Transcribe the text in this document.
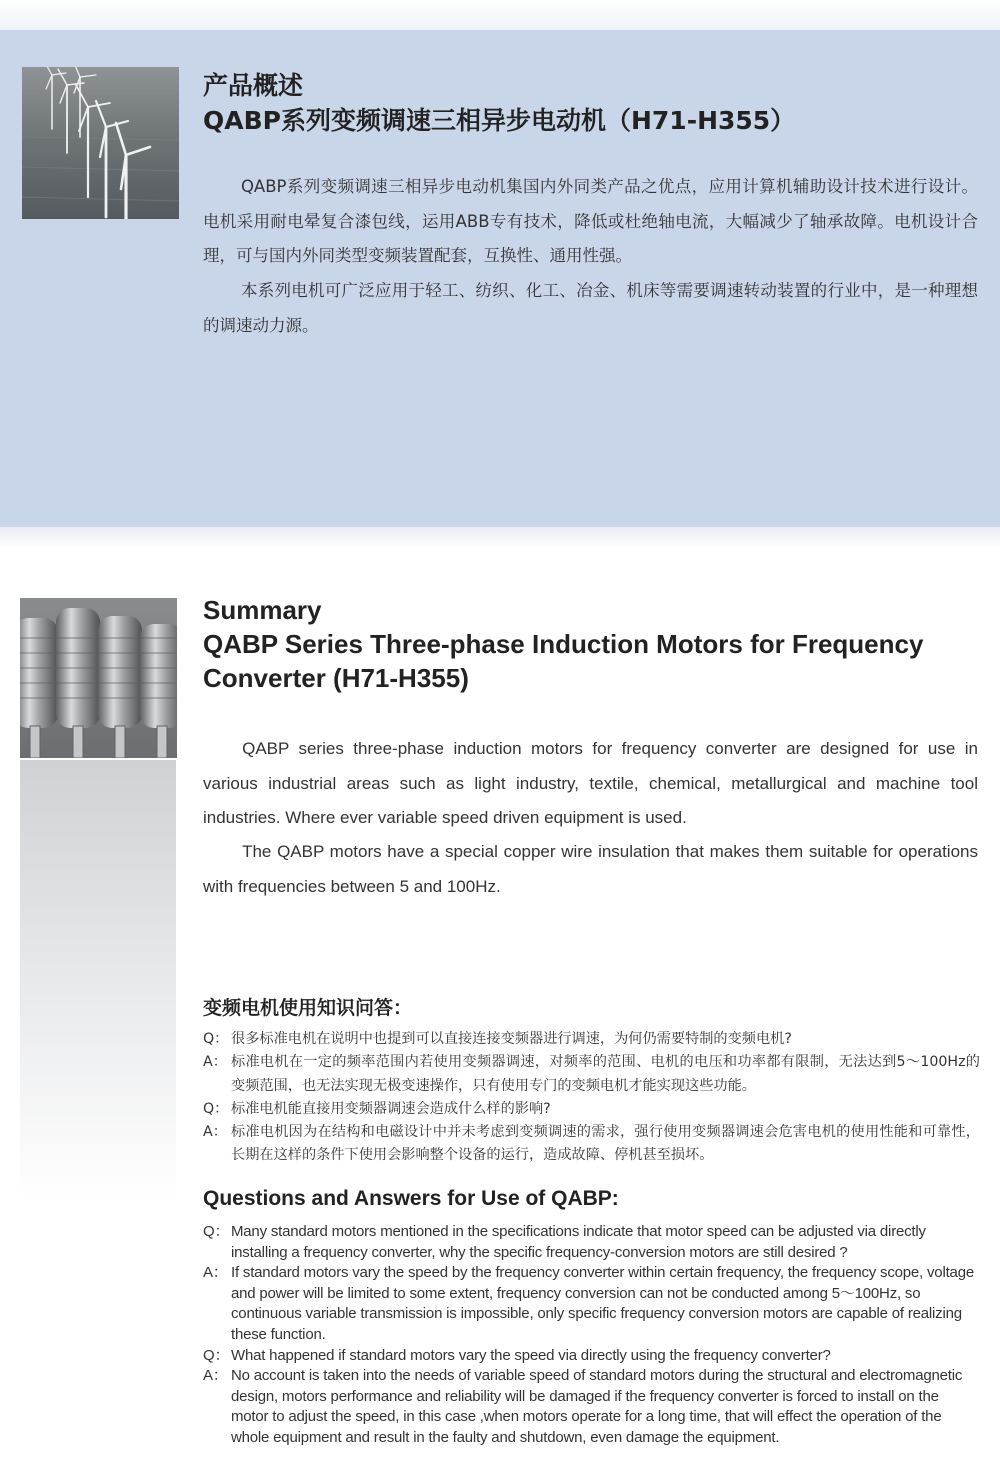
产品概述
QABP系列变频调速三相异步电动机（H71-H355）

QABP系列变频调速三相异步电动机集国内外同类产品之优点，应用计算机辅助设计技术进行设计。电机采用耐电晕复合漆包线，运用ABB专有技术，降低或杜绝轴电流，大幅减少了轴承故障。电机设计合理，可与国内外同类型变频装置配套，互换性、通用性强。

本系列电机可广泛应用于轻工、纺织、化工、冶金、机床等需要调速转动装置的行业中，是一种理想的调速动力源。

Summary
QABP Series Three-phase Induction Motors for Frequency Converter (H71-H355)

QABP series three-phase induction motors for frequency converter are designed for use in various industrial areas such as light industry, textile, chemical, metallurgical and machine tool industries. Where ever variable speed driven equipment is used.

The QABP motors have a special copper wire insulation that makes them suitable for operations with frequencies between 5 and 100Hz.

变频电机使用知识问答：
Q： 很多标准电机在说明中也提到可以直接连接变频器进行调速，为何仍需要特制的变频电机?
A： 标准电机在一定的频率范围内若使用变频器调速，对频率的范围、电机的电压和功率都有限制，无法达到5～100Hz的变频范围，也无法实现无极变速操作，只有使用专门的变频电机才能实现这些功能。
Q： 标准电机能直接用变频器调速会造成什么样的影响?
A： 标准电机因为在结构和电磁设计中并未考虑到变频调速的需求，强行使用变频器调速会危害电机的使用性能和可靠性，长期在这样的条件下使用会影响整个设备的运行，造成故障、停机甚至损坏。
Questions and Answers for Use of QABP:
Q： Many standard motors mentioned in the specifications indicate that motor speed can be adjusted via directly installing a frequency converter, why the specific frequency-conversion motors are still desired ?
A： If standard motors vary the speed by the frequency converter within certain frequency, the frequency scope, voltage and power will be limited to some extent, frequency conversion can not be conducted among 5～100Hz, so continuous variable transmission is impossible, only specific frequency conversion motors are capable of realizing these function.
Q： What happened if standard motors vary the speed via directly using the frequency converter?
A： No account is taken into the needs of variable speed of standard motors during the structural and electromagnetic design, motors performance and reliability will be damaged if the frequency converter is forced to install on the motor to adjust the speed, in this case ,when motors operate for a long time, that will effect the operation of the whole equipment and result in the faulty and shutdown, even damage the equipment.
